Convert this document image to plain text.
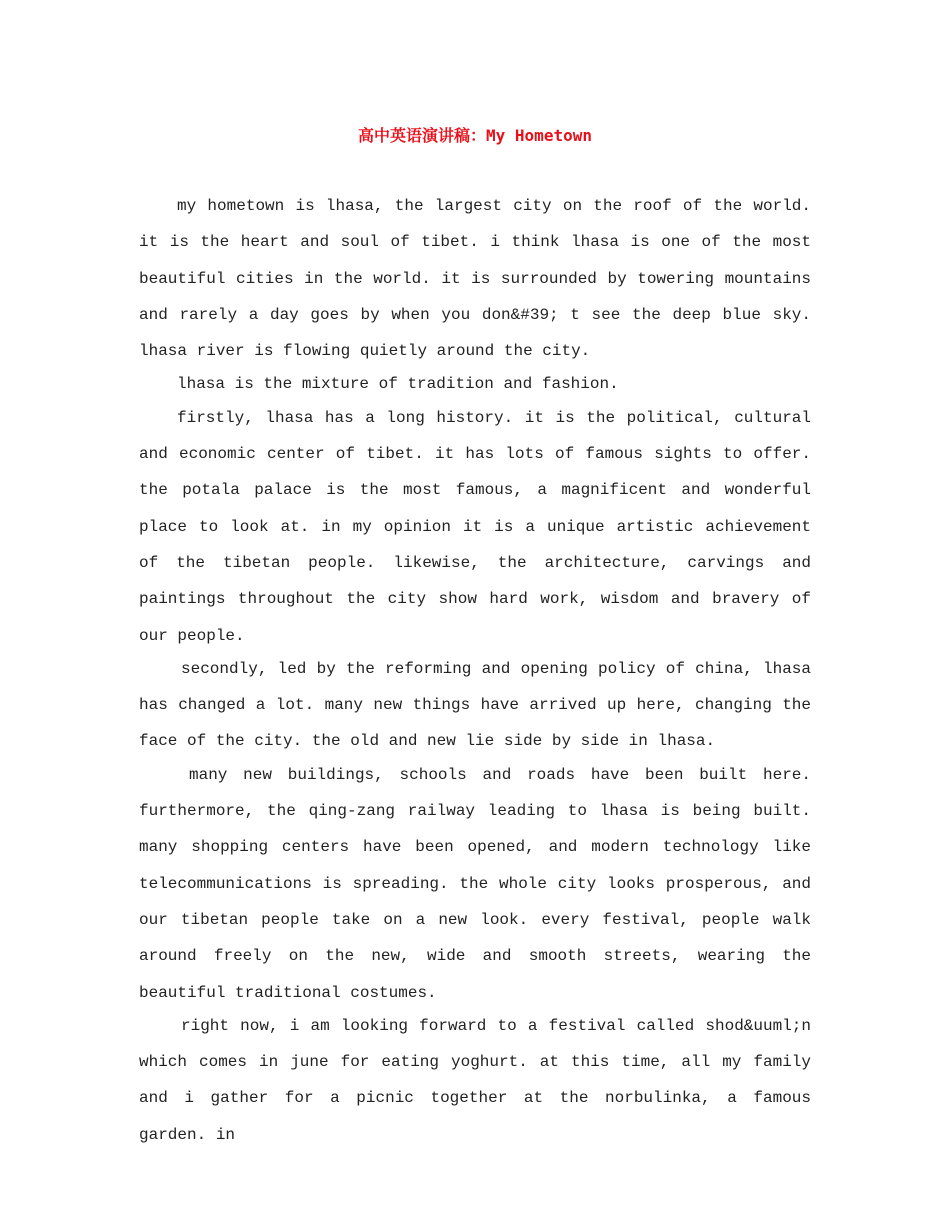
高中英语演讲稿：My Hometown

my hometown is lhasa, the largest city on the roof of the world. it is the heart and soul of tibet. i think lhasa is one of the most beautiful cities in the world. it is surrounded by towering mountains and rarely a day goes by when you don&#39; t see the deep blue sky. lhasa river is flowing quietly around the city.

lhasa is the mixture of tradition and fashion.

firstly, lhasa has a long history. it is the political, cultural and economic center of tibet. it has lots of famous sights to offer. the potala palace is the most famous, a magnificent and wonderful place to look at. in my opinion it is a unique artistic achievement of the tibetan people. likewise, the architecture, carvings and paintings throughout the city show hard work, wisdom and bravery of our people.

secondly, led by the reforming and opening policy of china, lhasa has changed a lot. many new things have arrived up here, changing the face of the city. the old and new lie side by side in lhasa.

many new buildings, schools and roads have been built here. furthermore, the qing-zang railway leading to lhasa is being built. many shopping centers have been opened, and modern technology like telecommunications is spreading. the whole city looks prosperous, and our tibetan people take on a new look. every festival, people walk around freely on the new, wide and smooth streets, wearing the beautiful traditional costumes.

right now, i am looking forward to a festival called shod&uuml;n which comes in june for eating yoghurt. at this time, all my family and i gather for a picnic together at the norbulinka, a famous garden. in
